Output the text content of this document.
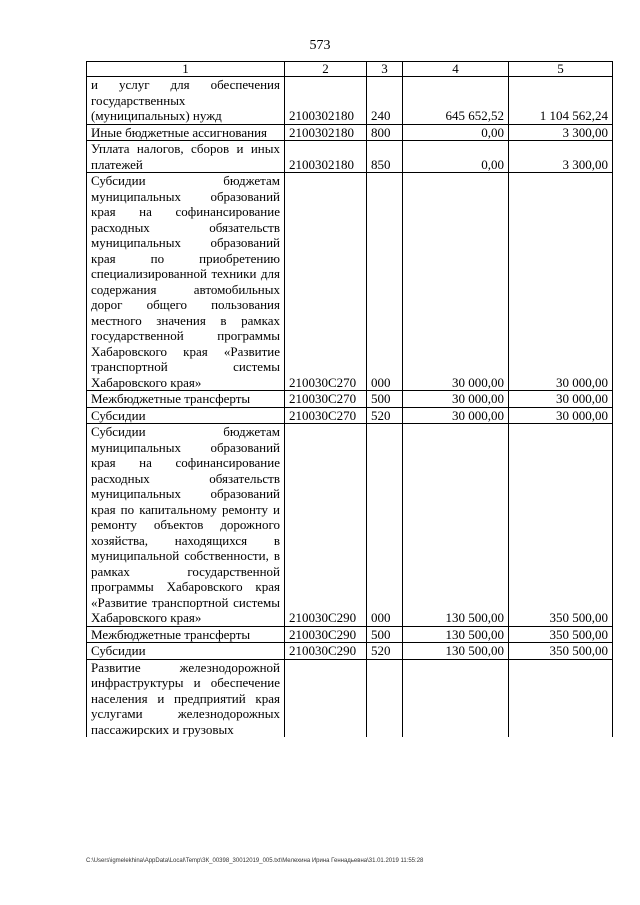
573
1	2	3	4	5
и услуг для обеспечения государственных (муниципальных) нужд	2100302180	240	645 652,52	1 104 562,24
Иные бюджетные ассигнования	2100302180	800	0,00	3 300,00
Уплата налогов, сборов и иных платежей	2100302180	850	0,00	3 300,00
Субсидии бюджетам муниципальных образований края на софинансирование расходных обязательств муниципальных образований края по приобретению специализированной техники для содержания автомобильных дорог общего пользования местного значения в рамках государственной программы Хабаровского края «Развитие транспортной системы Хабаровского края»	210030С270	000	30 000,00	30 000,00
Межбюджетные трансферты	210030С270	500	30 000,00	30 000,00
Субсидии	210030С270	520	30 000,00	30 000,00
Субсидии бюджетам муниципальных образований края на софинансирование расходных обязательств муниципальных образований края по капитальному ремонту и ремонту объектов дорожного хозяйства, находящихся в муниципальной собственности, в рамках государственной программы Хабаровского края «Развитие транспортной системы Хабаровского края»	210030С290	000	130 500,00	350 500,00
Межбюджетные трансферты	210030С290	500	130 500,00	350 500,00
Субсидии	210030С290	520	130 500,00	350 500,00
Развитие железнодорожной инфраструктуры и обеспечение населения и предприятий края услугами железнодорожных пассажирских и грузовых				
C:\Users\igmelekhina\AppData\Local\Temp\ЗК_00398_30012019_005.txt\Мелехина Ирина Геннадьевна\31.01.2019 11:55:28
